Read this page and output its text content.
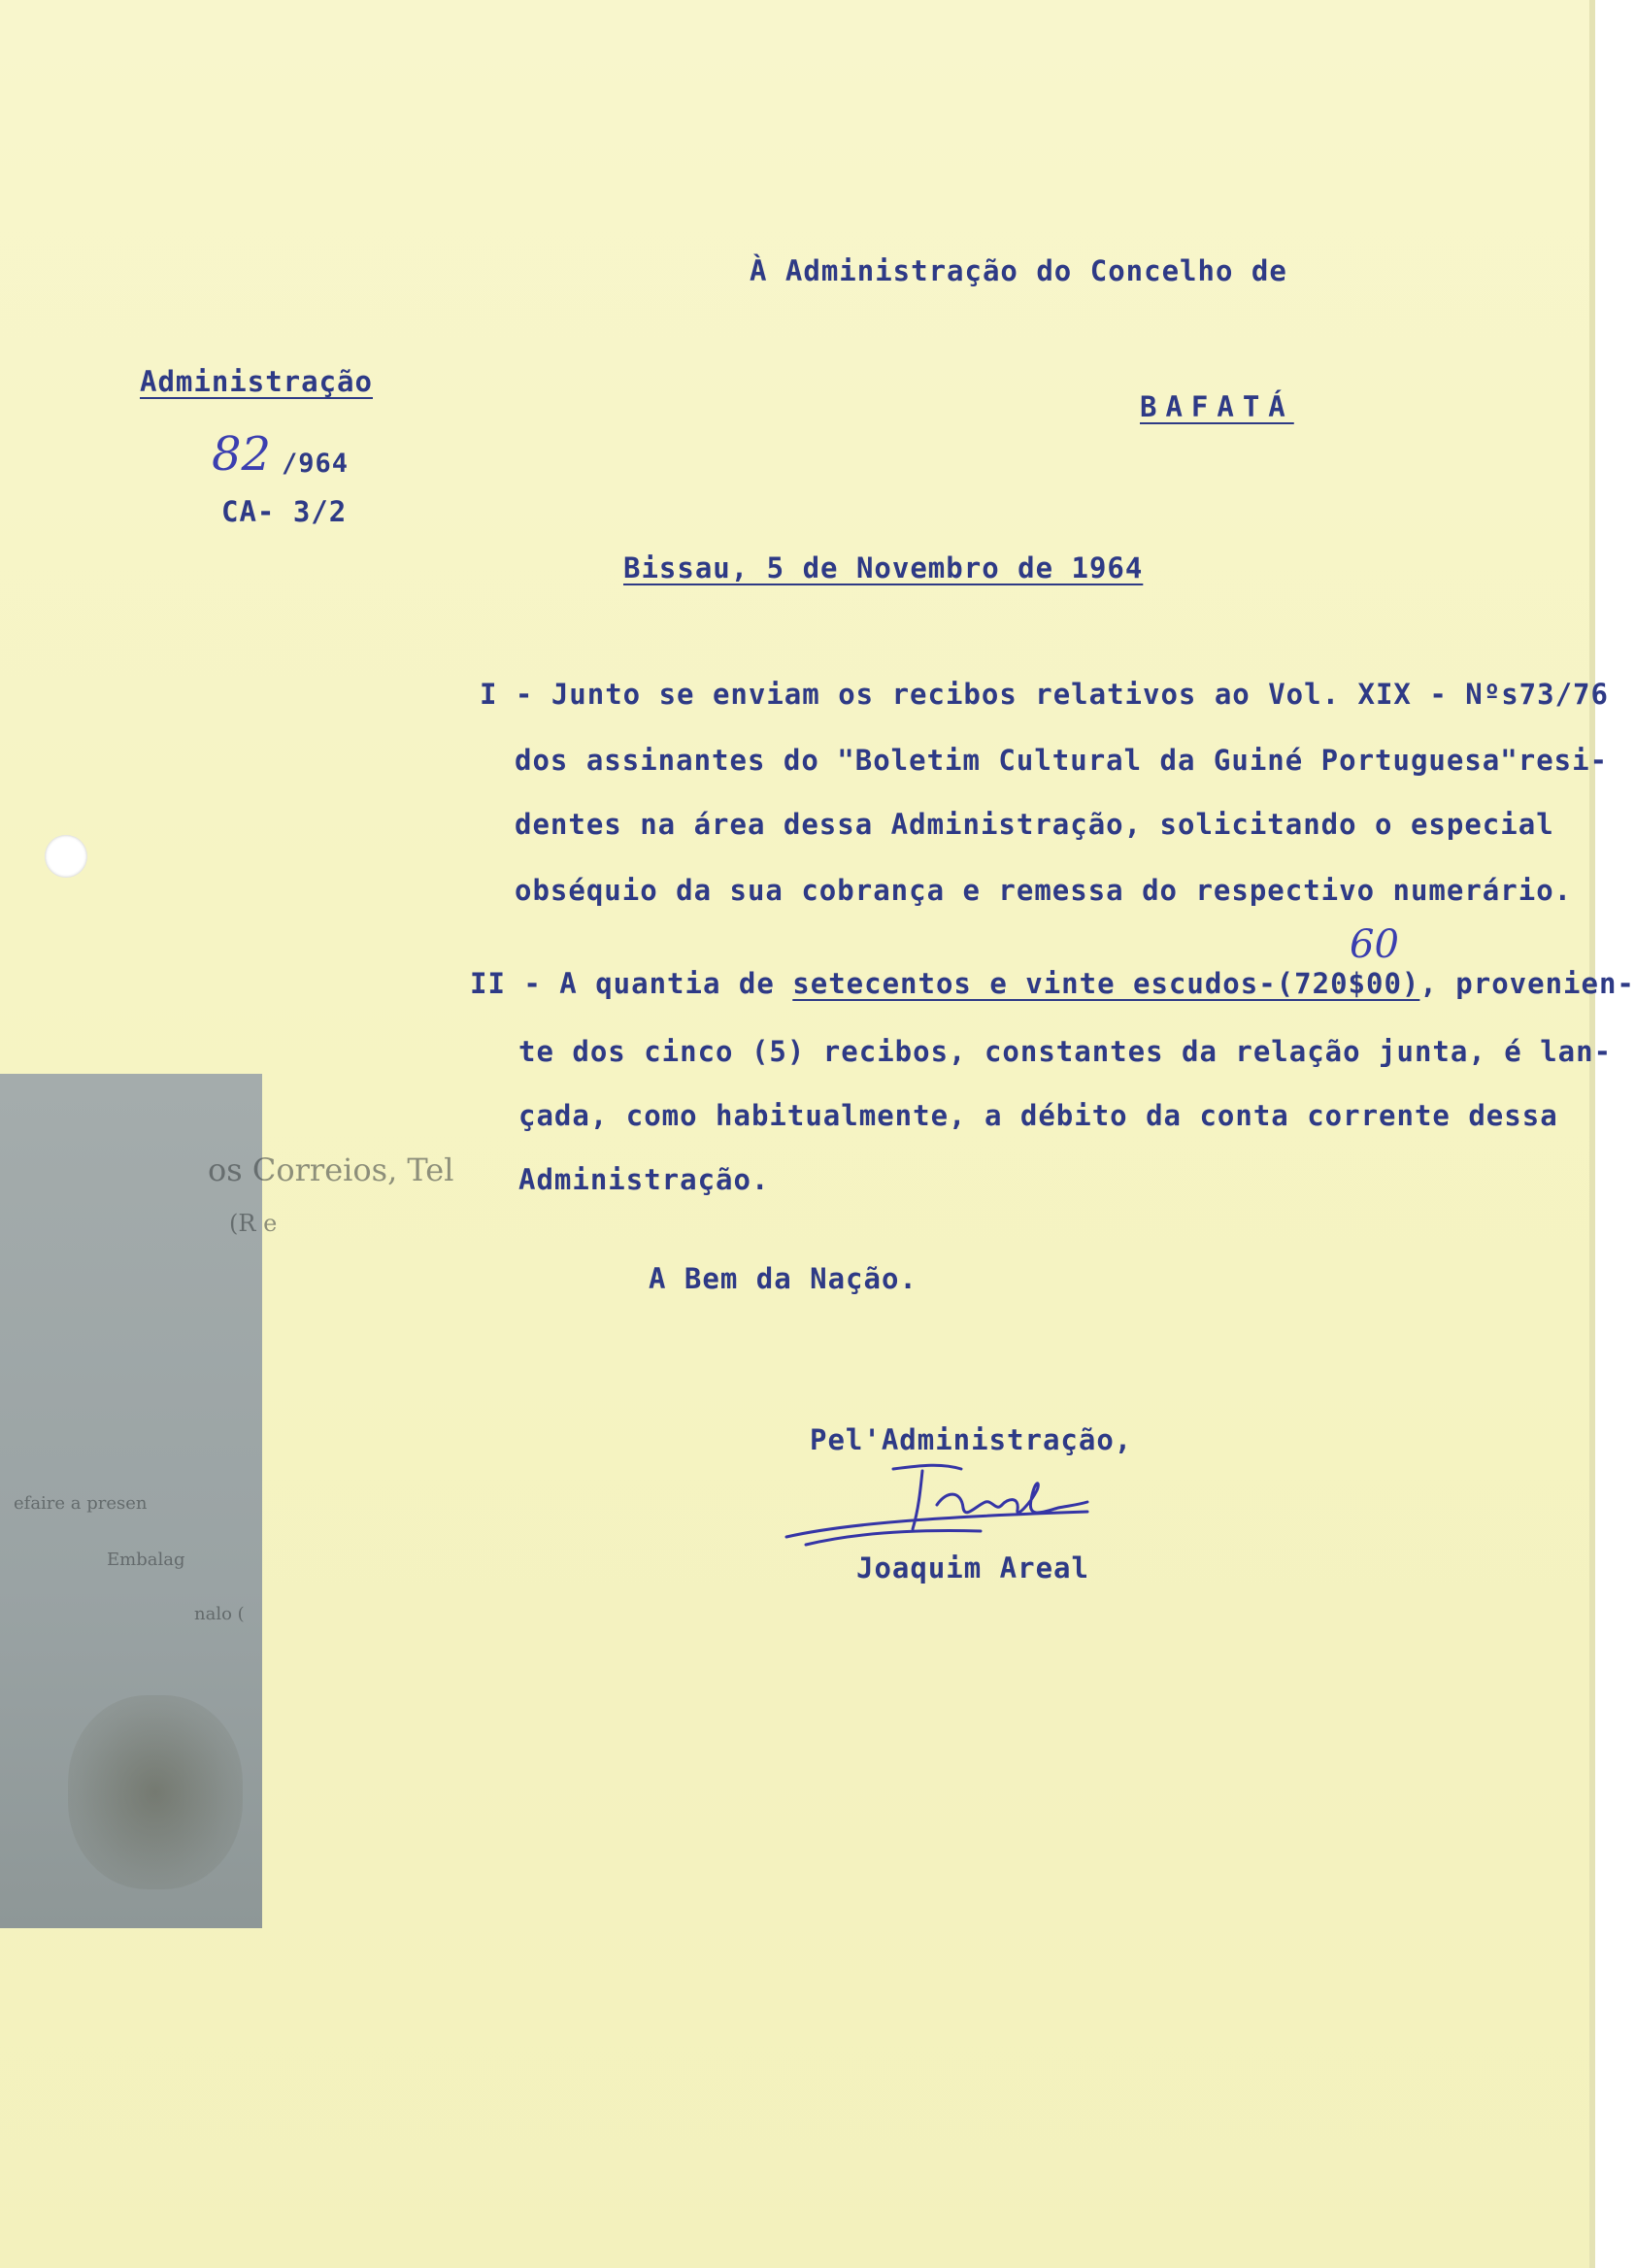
os Correios, Tel
(R e
efaire a presen
Embalag
nalo (
À Administração do Concelho de
BAFATÁ
Administração
82 /964
CA- 3/2
Bissau, 5 de Novembro de 1964
I - Junto se enviam os recibos relativos ao Vol. XIX - Nºs73/76
dos assinantes do "Boletim Cultural da Guiné Portuguesa"resi-
dentes na área dessa Administração, solicitando o especial
obséquio da sua cobrança e remessa do respectivo numerário.
II - A quantia de setecentos e vinte escudos-(720$00), provenien-
60
te dos cinco (5) recibos, constantes da relação junta, é lan-
çada, como habitualmente, a débito da conta corrente dessa
Administração.
A Bem da Nação.
Pel'Administração,
Joaquim Areal
